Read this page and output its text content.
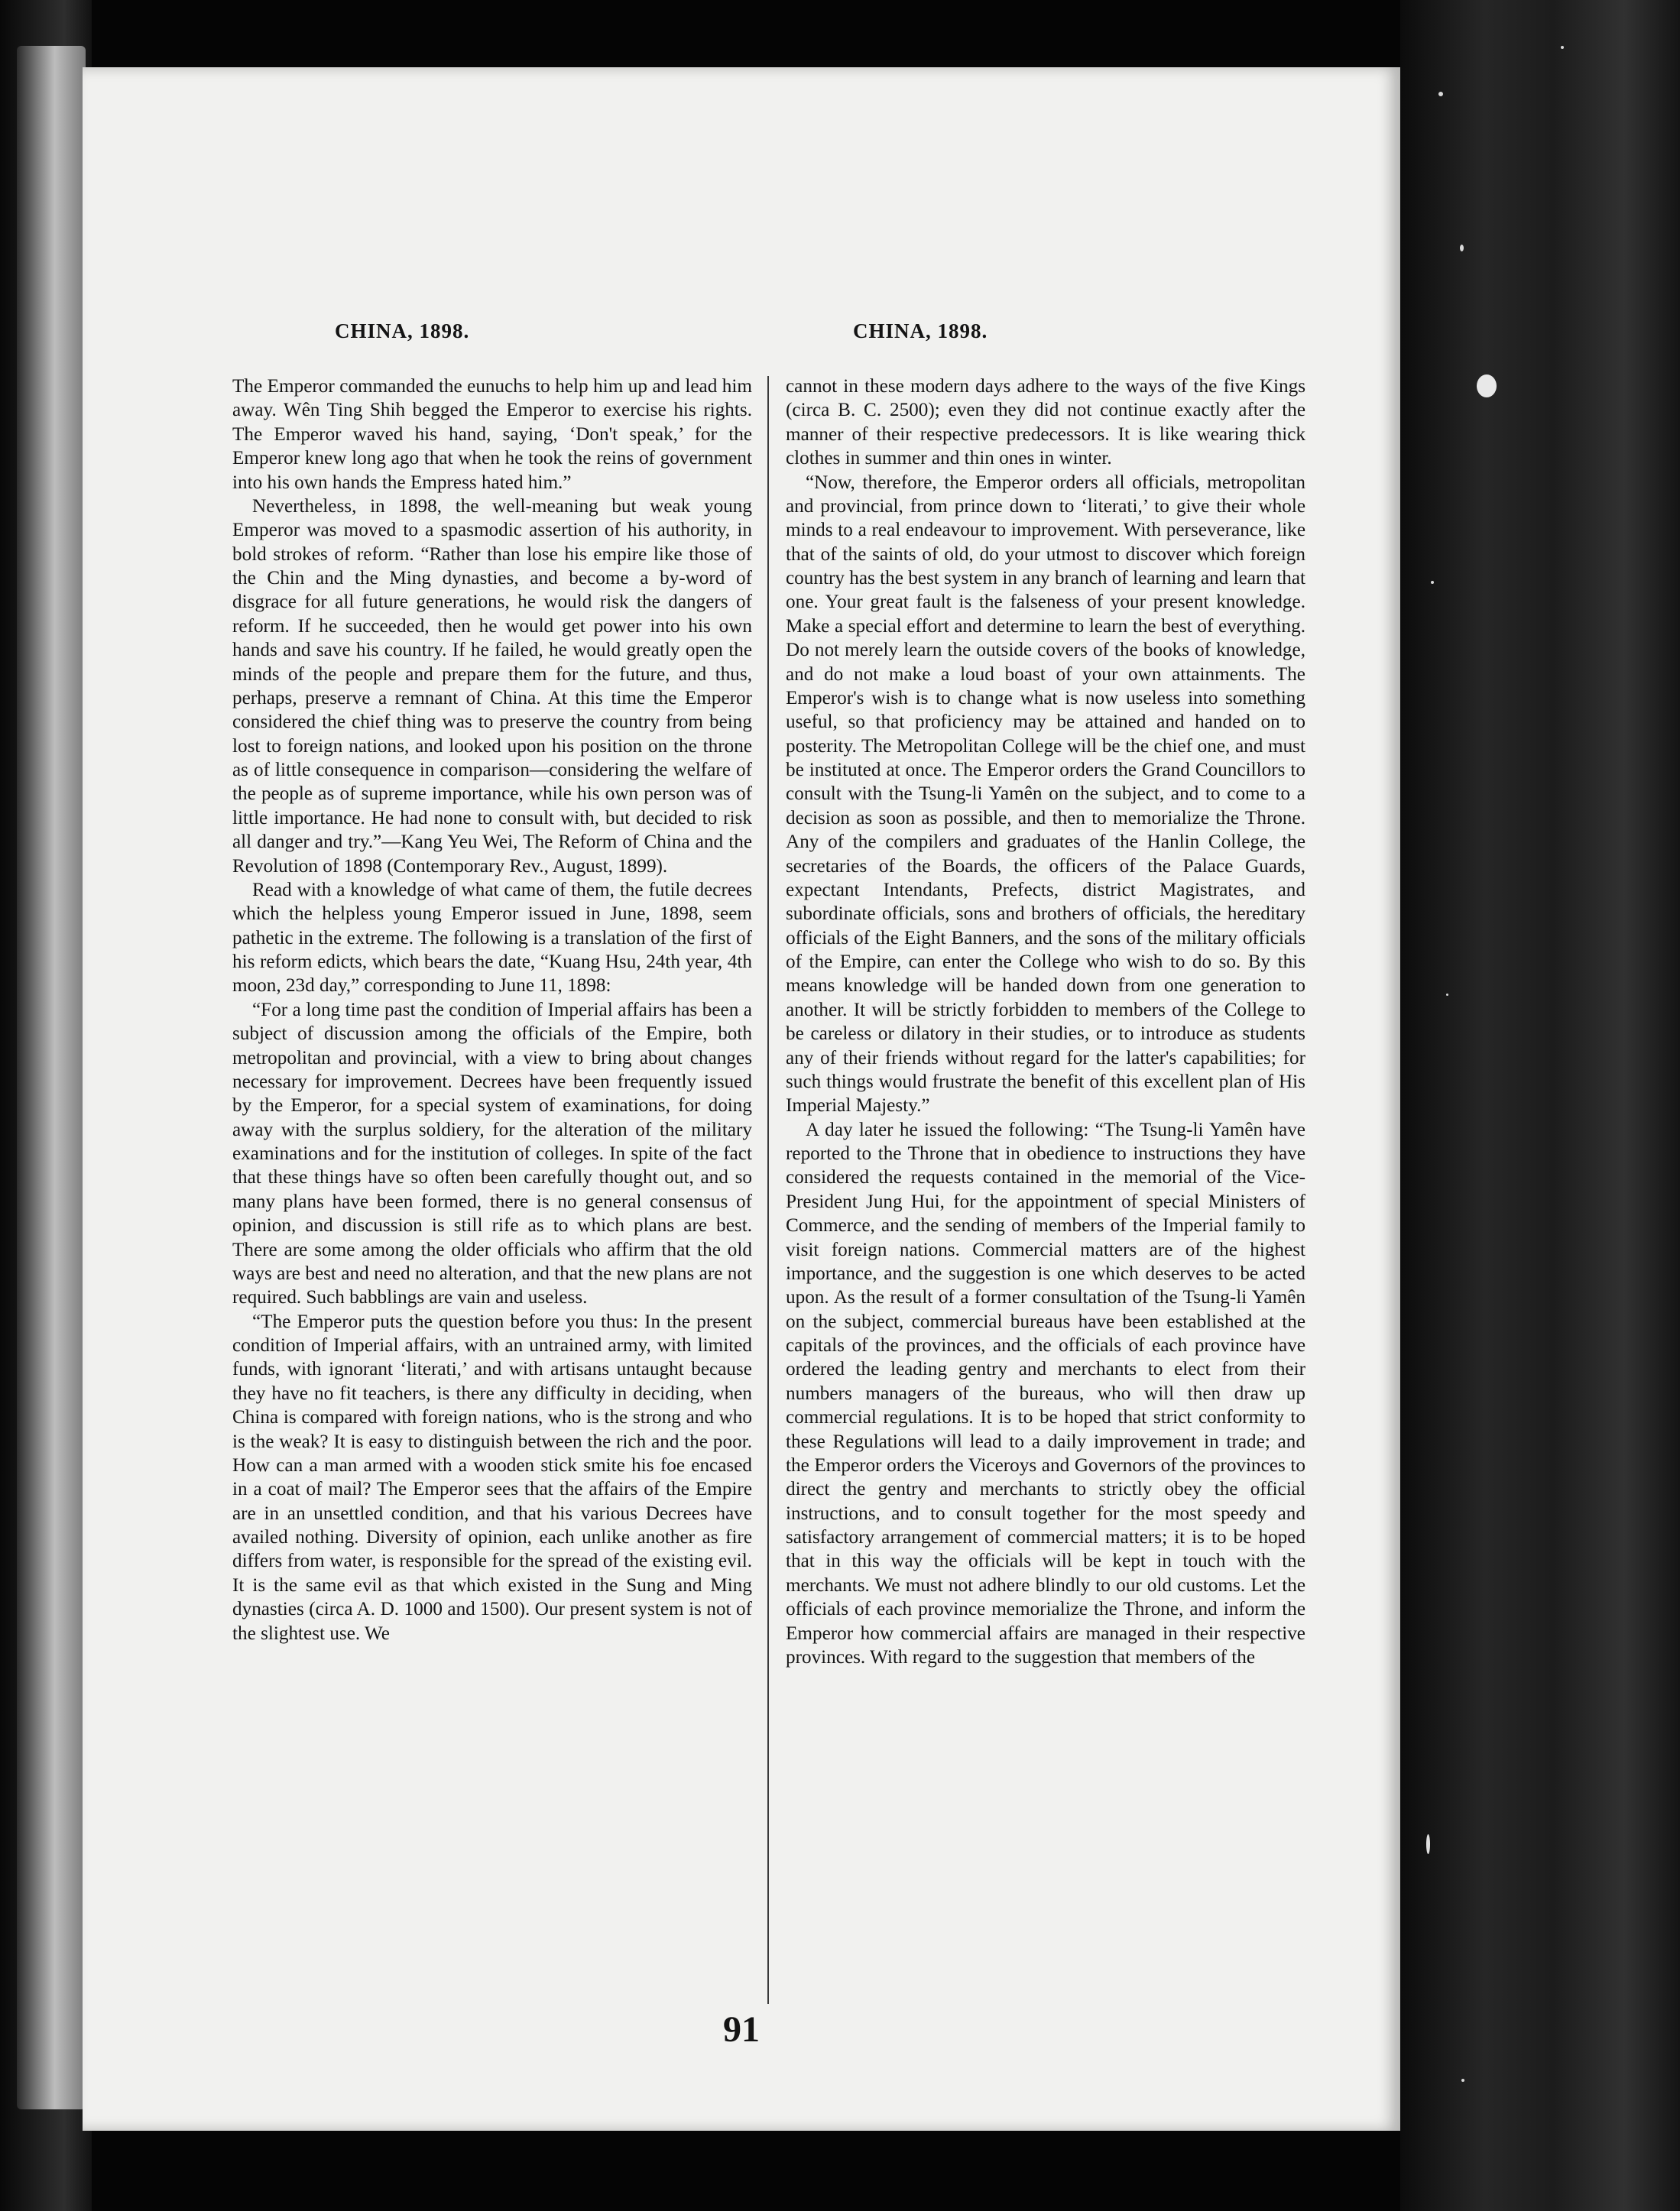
CHINA, 1898.	CHINA, 1898.

The Emperor commanded the eunuchs to help him up and lead him away. Wên Ting Shih begged the Emperor to exercise his rights. The Emperor waved his hand, saying, ‘Don't speak,’ for the Emperor knew long ago that when he took the reins of government into his own hands the Empress hated him.”

Nevertheless, in 1898, the well-meaning but weak young Emperor was moved to a spasmodic assertion of his authority, in bold strokes of reform. “Rather than lose his empire like those of the Chin and the Ming dynasties, and become a by-word of disgrace for all future generations, he would risk the dangers of reform. If he succeeded, then he would get power into his own hands and save his country. If he failed, he would greatly open the minds of the people and prepare them for the future, and thus, perhaps, preserve a remnant of China. At this time the Emperor considered the chief thing was to preserve the country from being lost to foreign nations, and looked upon his position on the throne as of little consequence in comparison—considering the welfare of the people as of supreme importance, while his own person was of little importance. He had none to consult with, but decided to risk all danger and try.”—Kang Yeu Wei, The Reform of China and the Revolution of 1898 (Contemporary Rev., August, 1899).

Read with a knowledge of what came of them, the futile decrees which the helpless young Emperor issued in June, 1898, seem pathetic in the extreme. The following is a translation of the first of his reform edicts, which bears the date, “Kuang Hsu, 24th year, 4th moon, 23d day,” corresponding to June 11, 1898:

“For a long time past the condition of Imperial affairs has been a subject of discussion among the officials of the Empire, both metropolitan and provincial, with a view to bring about changes necessary for improvement. Decrees have been frequently issued by the Emperor, for a special system of examinations, for doing away with the surplus soldiery, for the alteration of the military examinations and for the institution of colleges. In spite of the fact that these things have so often been carefully thought out, and so many plans have been formed, there is no general consensus of opinion, and discussion is still rife as to which plans are best. There are some among the older officials who affirm that the old ways are best and need no alteration, and that the new plans are not required. Such babblings are vain and useless.

“The Emperor puts the question before you thus: In the present condition of Imperial affairs, with an untrained army, with limited funds, with ignorant ‘literati,’ and with artisans untaught because they have no fit teachers, is there any difficulty in deciding, when China is compared with foreign nations, who is the strong and who is the weak? It is easy to distinguish between the rich and the poor. How can a man armed with a wooden stick smite his foe encased in a coat of mail? The Emperor sees that the affairs of the Empire are in an unsettled condition, and that his various Decrees have availed nothing. Diversity of opinion, each unlike another as fire differs from water, is responsible for the spread of the existing evil. It is the same evil as that which existed in the Sung and Ming dynasties (circa A. D. 1000 and 1500). Our present system is not of the slightest use. We

cannot in these modern days adhere to the ways of the five Kings (circa B. C. 2500); even they did not continue exactly after the manner of their respective predecessors. It is like wearing thick clothes in summer and thin ones in winter.

“Now, therefore, the Emperor orders all officials, metropolitan and provincial, from prince down to ‘literati,’ to give their whole minds to a real endeavour to improvement. With perseverance, like that of the saints of old, do your utmost to discover which foreign country has the best system in any branch of learning and learn that one. Your great fault is the falseness of your present knowledge. Make a special effort and determine to learn the best of everything. Do not merely learn the outside covers of the books of knowledge, and do not make a loud boast of your own attainments. The Emperor's wish is to change what is now useless into something useful, so that proficiency may be attained and handed on to posterity. The Metropolitan College will be the chief one, and must be instituted at once. The Emperor orders the Grand Councillors to consult with the Tsung-li Yamên on the subject, and to come to a decision as soon as possible, and then to memorialize the Throne. Any of the compilers and graduates of the Hanlin College, the secretaries of the Boards, the officers of the Palace Guards, expectant Intendants, Prefects, district Magistrates, and subordinate officials, sons and brothers of officials, the hereditary officials of the Eight Banners, and the sons of the military officials of the Empire, can enter the College who wish to do so. By this means knowledge will be handed down from one generation to another. It will be strictly forbidden to members of the College to be careless or dilatory in their studies, or to introduce as students any of their friends without regard for the latter's capabilities; for such things would frustrate the benefit of this excellent plan of His Imperial Majesty.”

A day later he issued the following: “The Tsung-li Yamên have reported to the Throne that in obedience to instructions they have considered the requests contained in the memorial of the Vice-President Jung Hui, for the appointment of special Ministers of Commerce, and the sending of members of the Imperial family to visit foreign nations. Commercial matters are of the highest importance, and the suggestion is one which deserves to be acted upon. As the result of a former consultation of the Tsung-li Yamên on the subject, commercial bureaus have been established at the capitals of the provinces, and the officials of each province have ordered the leading gentry and merchants to elect from their numbers managers of the bureaus, who will then draw up commercial regulations. It is to be hoped that strict conformity to these Regulations will lead to a daily improvement in trade; and the Emperor orders the Viceroys and Governors of the provinces to direct the gentry and merchants to strictly obey the official instructions, and to consult together for the most speedy and satisfactory arrangement of commercial matters; it is to be hoped that in this way the officials will be kept in touch with the merchants. We must not adhere blindly to our old customs. Let the officials of each province memorialize the Throne, and inform the Emperor how commercial affairs are managed in their respective provinces. With regard to the suggestion that members of the

91
